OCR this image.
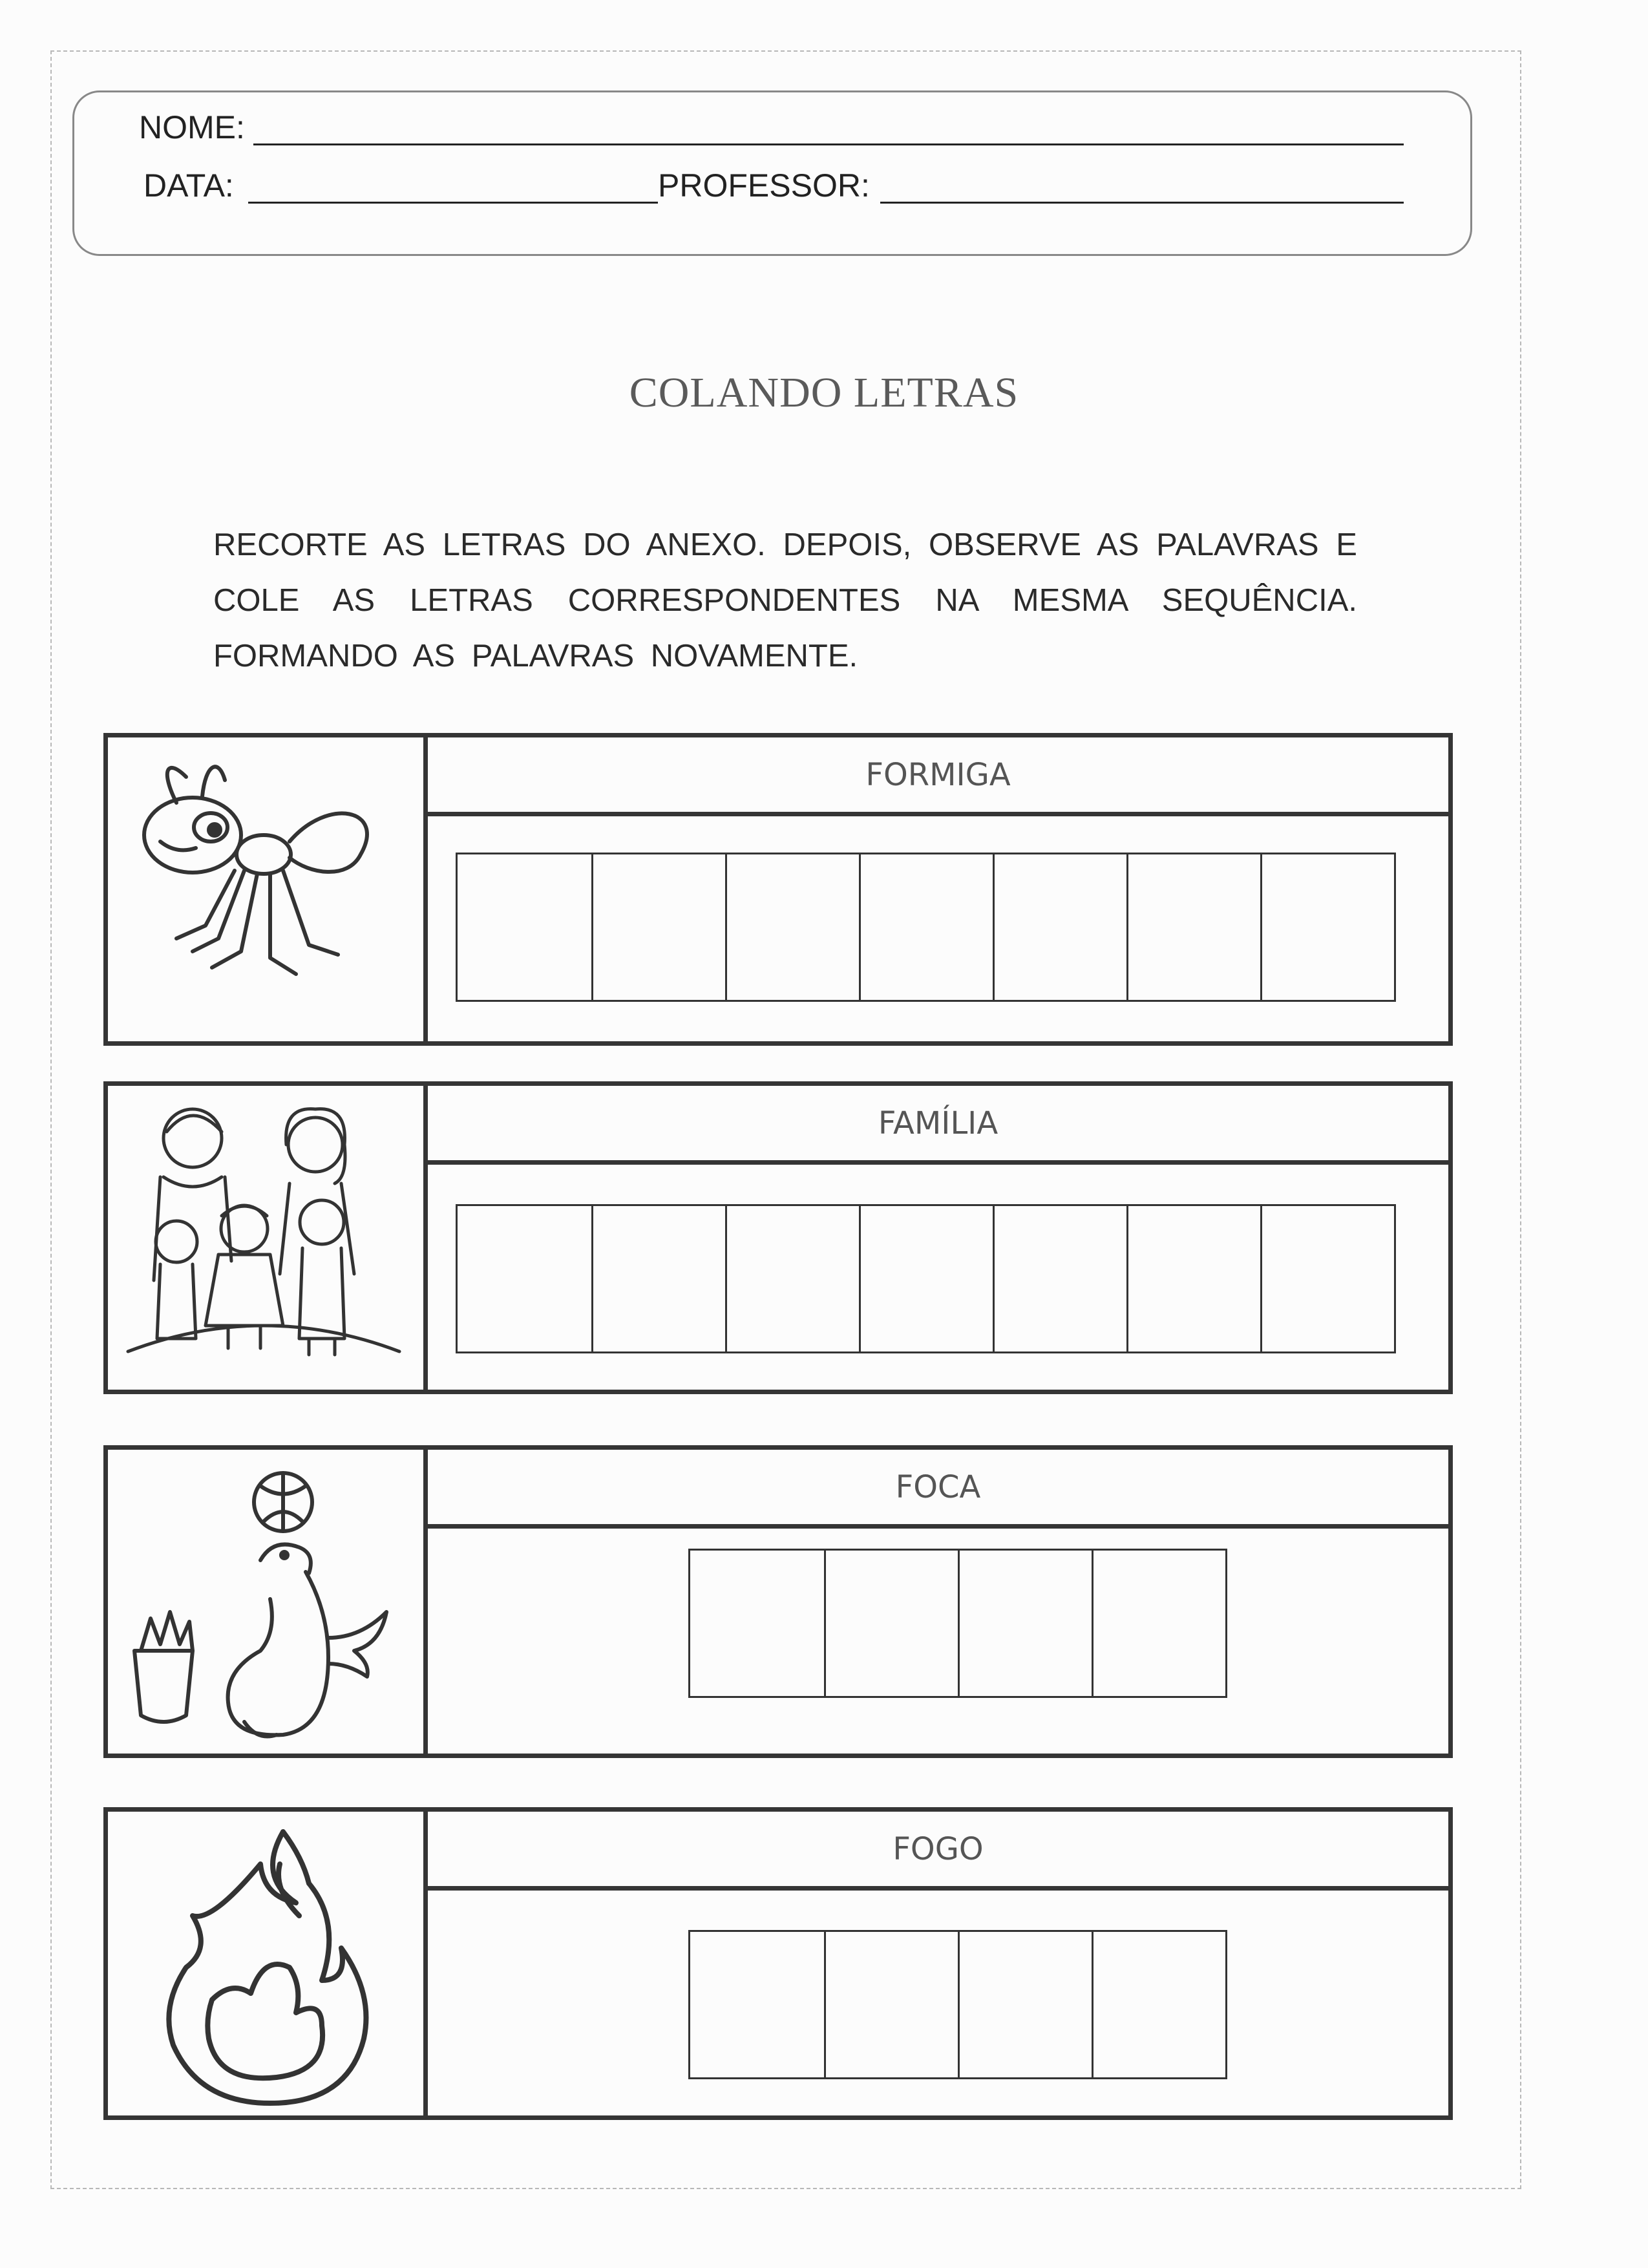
NOME:
DATA:	PROFESSOR:
COLANDO LETRAS
RECORTE AS LETRAS DO ANEXO. DEPOIS, OBSERVE AS PALAVRAS E COLE AS LETRAS CORRESPONDENTES NA MESMA SEQUÊNCIA. FORMANDO AS PALAVRAS NOVAMENTE.
FORMIGA
FAMÍLIA
FOCA
FOGO
